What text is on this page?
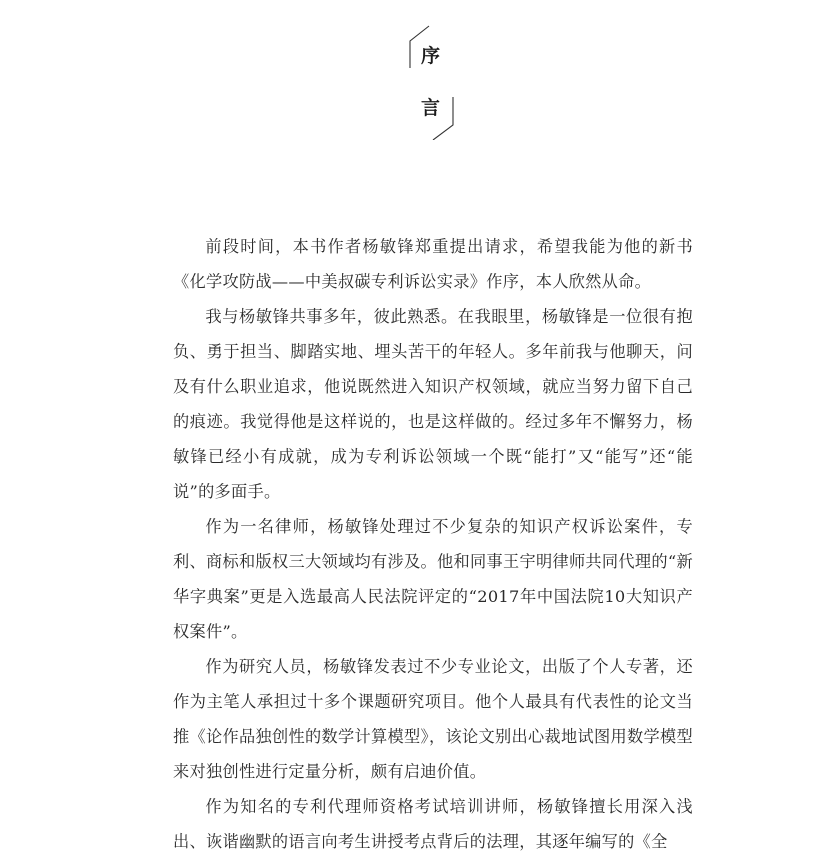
序
言

前段时间，本书作者杨敏锋郑重提出请求，希望我能为他的新书《化学攻防战——中美叔碳专利诉讼实录》作序，本人欣然从命。

我与杨敏锋共事多年，彼此熟悉。在我眼里，杨敏锋是一位很有抱负、勇于担当、脚踏实地、埋头苦干的年轻人。多年前我与他聊天，问及有什么职业追求，他说既然进入知识产权领域，就应当努力留下自己的痕迹。我觉得他是这样说的，也是这样做的。经过多年不懈努力，杨敏锋已经小有成就，成为专利诉讼领域一个既“能打”又“能写”还“能说”的多面手。

作为一名律师，杨敏锋处理过不少复杂的知识产权诉讼案件，专利、商标和版权三大领域均有涉及。他和同事王宇明律师共同代理的“新华字典案”更是入选最高人民法院评定的“2017年中国法院10大知识产权案件”。

作为研究人员，杨敏锋发表过不少专业论文，出版了个人专著，还作为主笔人承担过十多个课题研究项目。他个人最具有代表性的论文当推《论作品独创性的数学计算模型》，该论文别出心裁地试图用数学模型来对独创性进行定量分析，颇有启迪价值。

作为知名的专利代理师资格考试培训讲师，杨敏锋擅长用深入浅出、诙谐幽默的语言向考生讲授考点背后的法理，其逐年编写的《全
